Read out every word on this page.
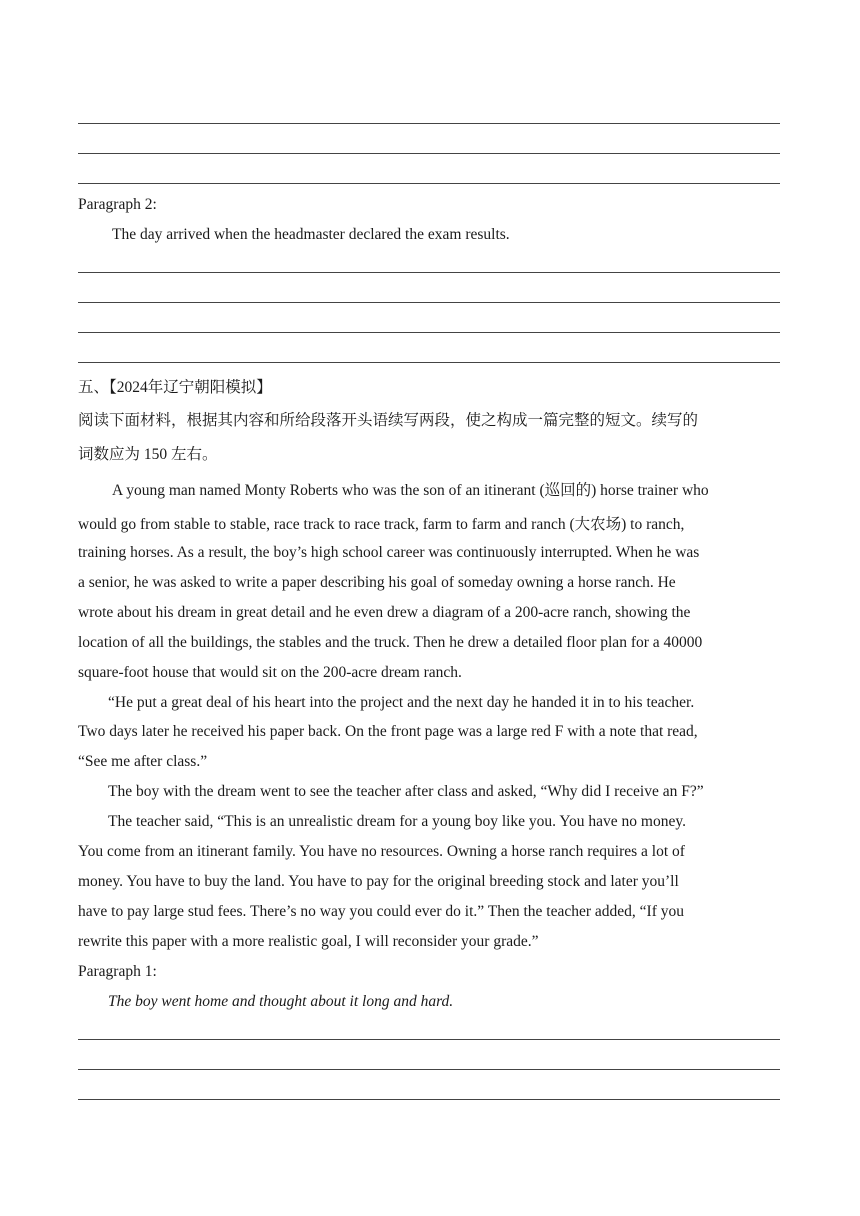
Paragraph 2:
The day arrived when the headmaster declared the exam results.
五、【2024年辽宁朝阳模拟】
阅读下面材料，根据其内容和所给段落开头语续写两段，使之构成一篇完整的短文。续写的
词数应为 150 左右。
A young man named Monty Roberts who was the son of an itinerant (巡回的) horse trainer who
would go from stable to stable, race track to race track, farm to farm and ranch (大农场) to ranch,
training horses. As a result, the boy’s high school career was continuously interrupted. When he was
a senior, he was asked to write a paper describing his goal of someday owning a horse ranch. He
wrote about his dream in great detail and he even drew a diagram of a 200-acre ranch, showing the
location of all the buildings, the stables and the truck. Then he drew a detailed floor plan for a 40000
square-foot house that would sit on the 200-acre dream ranch.
“He put a great deal of his heart into the project and the next day he handed it in to his teacher.
Two days later he received his paper back. On the front page was a large red F with a note that read,
“See me after class.”
The boy with the dream went to see the teacher after class and asked, “Why did I receive an F?”
The teacher said, “This is an unrealistic dream for a young boy like you. You have no money.
You come from an itinerant family. You have no resources. Owning a horse ranch requires a lot of
money. You have to buy the land. You have to pay for the original breeding stock and later you’ll
have to pay large stud fees. There’s no way you could ever do it.” Then the teacher added, “If you
rewrite this paper with a more realistic goal, I will reconsider your grade.”
Paragraph 1:
The boy went home and thought about it long and hard.
